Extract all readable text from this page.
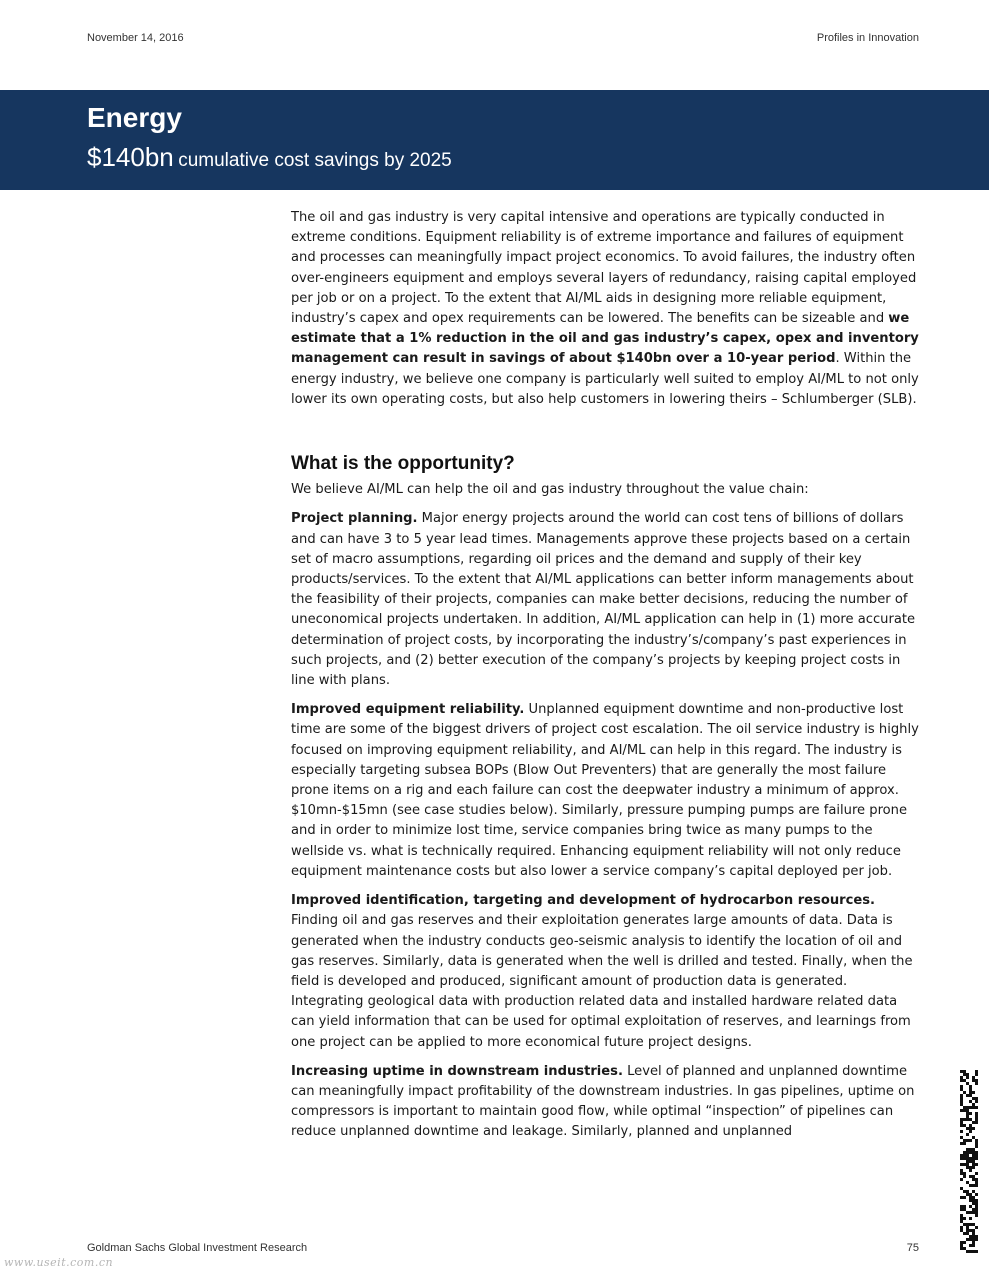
November 14, 2016	Profiles in Innovation
Energy
$140bn cumulative cost savings by 2025

The oil and gas industry is very capital intensive and operations are typically conducted in extreme conditions. Equipment reliability is of extreme importance and failures of equipment and processes can meaningfully impact project economics. To avoid failures, the industry often over-engineers equipment and employs several layers of redundancy, raising capital employed per job or on a project. To the extent that AI/ML aids in designing more reliable equipment, industry’s capex and opex requirements can be lowered. The benefits can be sizeable and we estimate that a 1% reduction in the oil and gas industry’s capex, opex and inventory management can result in savings of about $140bn over a 10-year period. Within the energy industry, we believe one company is particularly well suited to employ AI/ML to not only lower its own operating costs, but also help customers in lowering theirs – Schlumberger (SLB).

What is the opportunity?

We believe AI/ML can help the oil and gas industry throughout the value chain:

Project planning. Major energy projects around the world can cost tens of billions of dollars and can have 3 to 5 year lead times. Managements approve these projects based on a certain set of macro assumptions, regarding oil prices and the demand and supply of their key products/services. To the extent that AI/ML applications can better inform managements about the feasibility of their projects, companies can make better decisions, reducing the number of uneconomical projects undertaken. In addition, AI/ML application can help in (1) more accurate determination of project costs, by incorporating the industry’s/company’s past experiences in such projects, and (2) better execution of the company’s projects by keeping project costs in line with plans.

Improved equipment reliability. Unplanned equipment downtime and non-productive lost time are some of the biggest drivers of project cost escalation. The oil service industry is highly focused on improving equipment reliability, and AI/ML can help in this regard. The industry is especially targeting subsea BOPs (Blow Out Preventers) that are generally the most failure prone items on a rig and each failure can cost the deepwater industry a minimum of approx. $10mn-$15mn (see case studies below). Similarly, pressure pumping pumps are failure prone and in order to minimize lost time, service companies bring twice as many pumps to the wellside vs. what is technically required. Enhancing equipment reliability will not only reduce equipment maintenance costs but also lower a service company’s capital deployed per job.

Improved identification, targeting and development of hydrocarbon resources. Finding oil and gas reserves and their exploitation generates large amounts of data. Data is generated when the industry conducts geo-seismic analysis to identify the location of oil and gas reserves. Similarly, data is generated when the well is drilled and tested. Finally, when the field is developed and produced, significant amount of production data is generated. Integrating geological data with production related data and installed hardware related data can yield information that can be used for optimal exploitation of reserves, and learnings from one project can be applied to more economical future project designs.

Increasing uptime in downstream industries. Level of planned and unplanned downtime can meaningfully impact profitability of the downstream industries. In gas pipelines, uptime on compressors is important to maintain good flow, while optimal “inspection” of pipelines can reduce unplanned downtime and leakage. Similarly, planned and unplanned

Goldman Sachs Global Investment Research	75
www.useit.com.cn
